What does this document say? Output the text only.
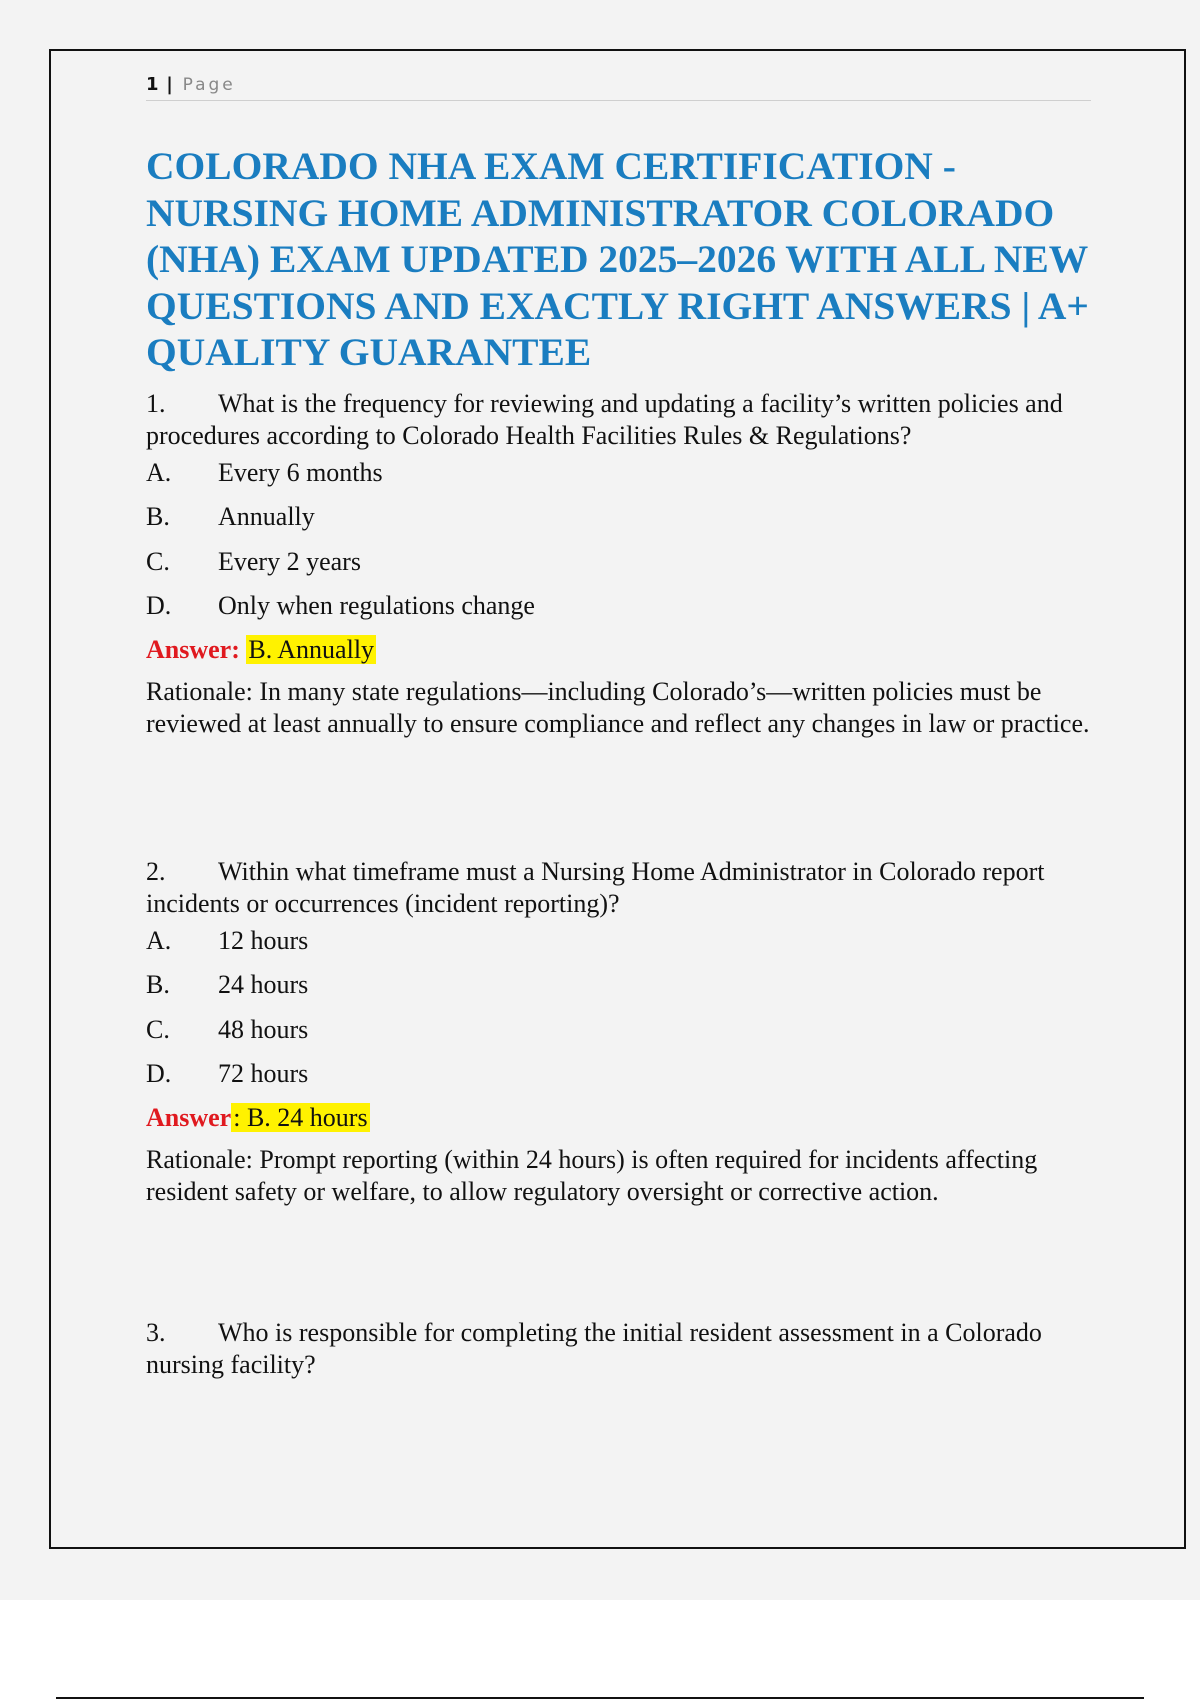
1 | Page
COLORADO NHA EXAM CERTIFICATION - NURSING HOME ADMINISTRATOR COLORADO (NHA) EXAM UPDATED 2025–2026 WITH ALL NEW QUESTIONS AND EXACTLY RIGHT ANSWERS | A+ QUALITY GUARANTEE
1. What is the frequency for reviewing and updating a facility’s written policies and procedures according to Colorado Health Facilities Rules & Regulations?
A. Every 6 months
B. Annually
C. Every 2 years
D. Only when regulations change
Answer: B. Annually
Rationale: In many state regulations—including Colorado’s—written policies must be reviewed at least annually to ensure compliance and reflect any changes in law or practice.
2. Within what timeframe must a Nursing Home Administrator in Colorado report incidents or occurrences (incident reporting)?
A. 12 hours
B. 24 hours
C. 48 hours
D. 72 hours
Answer: B. 24 hours
Rationale: Prompt reporting (within 24 hours) is often required for incidents affecting resident safety or welfare, to allow regulatory oversight or corrective action.
3. Who is responsible for completing the initial resident assessment in a Colorado nursing facility?
